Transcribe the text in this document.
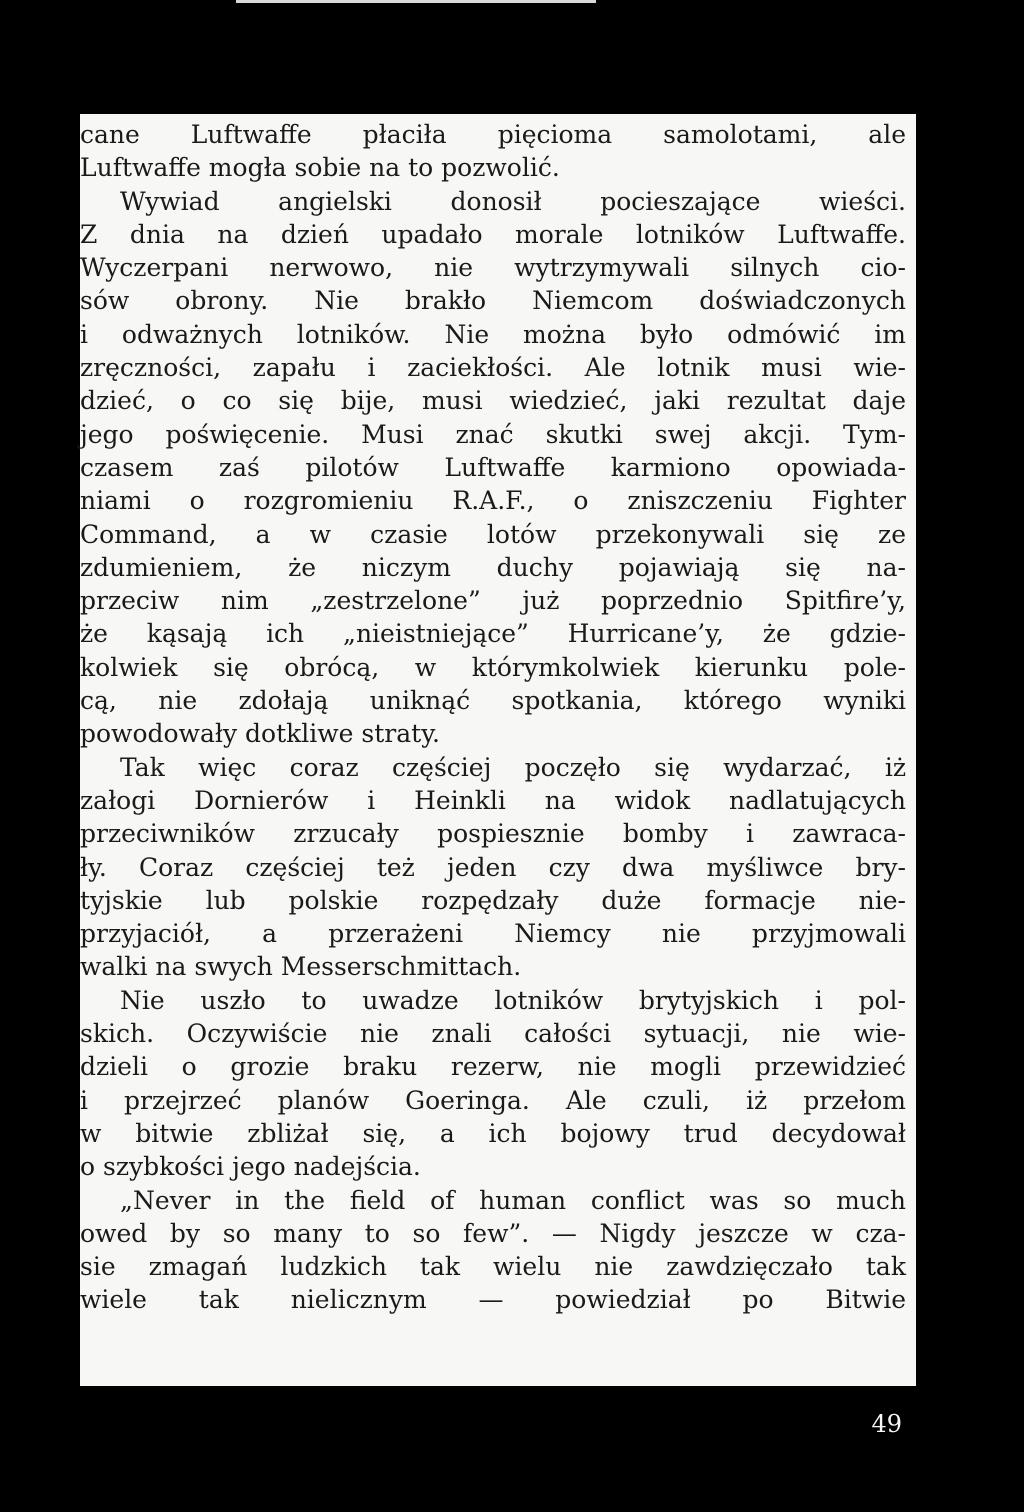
cane Luftwaffe płaciła pięcioma samolotami, ale
Luftwaffe mogła sobie na to pozwolić.
Wywiad angielski donosił pocieszające wieści.
Z dnia na dzień upadało morale lotników Luftwaffe.
Wyczerpani nerwowo, nie wytrzymywali silnych cio-
sów obrony. Nie brakło Niemcom doświadczonych
i odważnych lotników. Nie można było odmówić im
zręczności, zapału i zaciekłości. Ale lotnik musi wie-
dzieć, o co się bije, musi wiedzieć, jaki rezultat daje
jego poświęcenie. Musi znać skutki swej akcji. Tym-
czasem zaś pilotów Luftwaffe karmiono opowiada-
niami o rozgromieniu R.A.F., o zniszczeniu Fighter
Command, a w czasie lotów przekonywali się ze
zdumieniem, że niczym duchy pojawiają się na-
przeciw nim „zestrzelone” już poprzednio Spitfire’y,
że kąsają ich „nieistniejące” Hurricane’y, że gdzie-
kolwiek się obrócą, w którymkolwiek kierunku pole-
cą, nie zdołają uniknąć spotkania, którego wyniki
powodowały dotkliwe straty.
Tak więc coraz częściej poczęło się wydarzać, iż
załogi Dornierów i Heinkli na widok nadlatujących
przeciwników zrzucały pospiesznie bomby i zawraca-
ły. Coraz częściej też jeden czy dwa myśliwce bry-
tyjskie lub polskie rozpędzały duże formacje nie-
przyjaciół, a przerażeni Niemcy nie przyjmowali
walki na swych Messerschmittach.
Nie uszło to uwadze lotników brytyjskich i pol-
skich. Oczywiście nie znali całości sytuacji, nie wie-
dzieli o grozie braku rezerw, nie mogli przewidzieć
i przejrzeć planów Goeringa. Ale czuli, iż przełom
w bitwie zbliżał się, a ich bojowy trud decydował
o szybkości jego nadejścia.
„Never in the field of human conflict was so much
owed by so many to so few”. — Nigdy jeszcze w cza-
sie zmagań ludzkich tak wielu nie zawdzięczało tak
wiele tak nielicznym — powiedział po Bitwie
49
